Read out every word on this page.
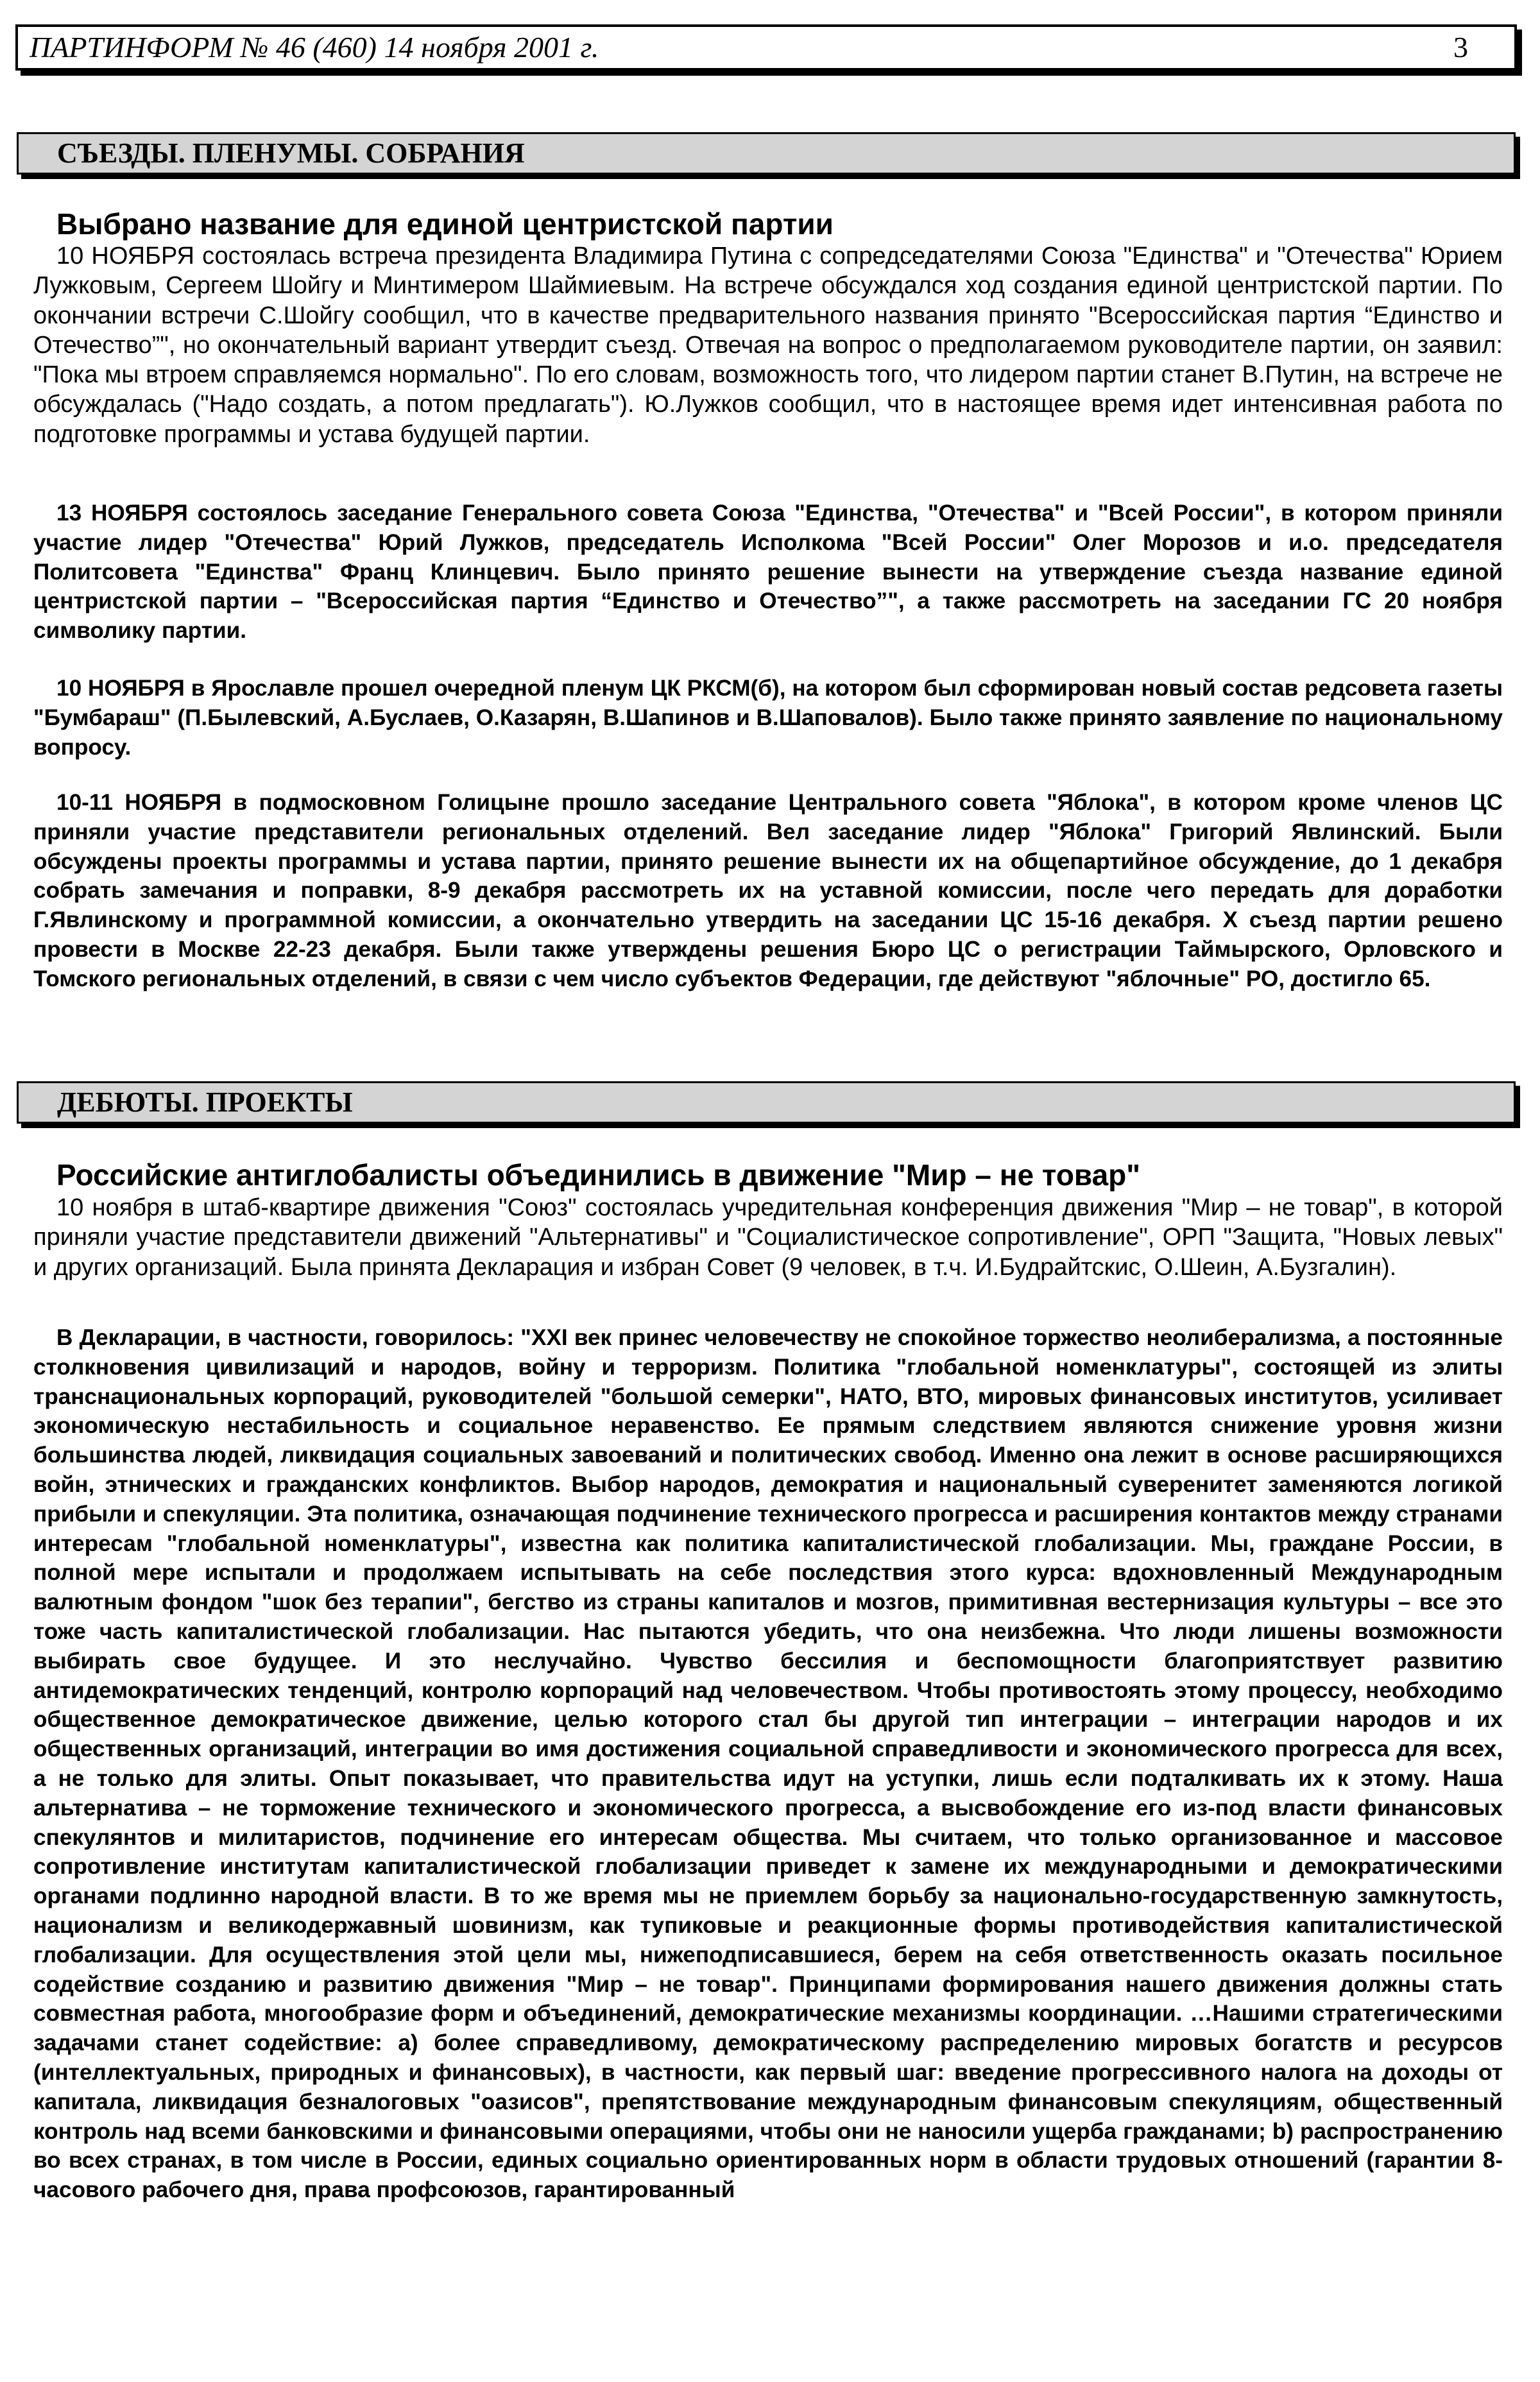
ПАРТИНФОРМ № 46 (460) 14 ноября 2001 г.	3
СЪЕЗДЫ. ПЛЕНУМЫ. СОБРАНИЯ
Выбрано название для единой центристской партии
10 НОЯБРЯ состоялась встреча президента Владимира Путина с сопредседателями Союза "Единства" и "Отечества" Юрием Лужковым, Сергеем Шойгу и Минтимером Шаймиевым. На встрече обсуждался ход создания единой центристской партии. По окончании встречи С.Шойгу сообщил, что в качестве предварительного названия принято "Всероссийская партия “Единство и Отечество”", но окончательный вариант утвердит съезд. Отвечая на вопрос о предполагаемом руководителе партии, он заявил: "Пока мы втроем справляемся нормально". По его словам, возможность того, что лидером партии станет В.Путин, на встрече не обсуждалась ("Надо создать, а потом предлагать"). Ю.Лужков сообщил, что в настоящее время идет интенсивная работа по подготовке программы и устава будущей партии.
13 НОЯБРЯ состоялось заседание Генерального совета Союза "Единства, "Отечества" и "Всей России", в котором приняли участие лидер "Отечества" Юрий Лужков, председатель Исполкома "Всей России" Олег Морозов и и.о. председателя Политсовета "Единства" Франц Клинцевич. Было принято решение вынести на утверждение съезда название единой центристской партии – "Всероссийская партия “Единство и Отечество”", а также рассмотреть на заседании ГС 20 ноября символику партии.
10 НОЯБРЯ в Ярославле прошел очередной пленум ЦК РКСМ(б), на котором был сформирован новый состав редсовета газеты "Бумбараш" (П.Былевский, А.Буслаев, О.Казарян, В.Шапинов и В.Шаповалов). Было также принято заявление по национальному вопросу.
10-11 НОЯБРЯ в подмосковном Голицыне прошло заседание Центрального совета "Яблока", в котором кроме членов ЦС приняли участие представители региональных отделений. Вел заседание лидер "Яблока" Григорий Явлинский. Были обсуждены проекты программы и устава партии, принято решение вынести их на общепартийное обсуждение, до 1 декабря собрать замечания и поправки, 8-9 декабря рассмотреть их на уставной комиссии, после чего передать для доработки Г.Явлинскому и программной комиссии, а окончательно утвердить на заседании ЦС 15-16 декабря. X съезд партии решено провести в Москве 22-23 декабря. Были также утверждены решения Бюро ЦС о регистрации Таймырского, Орловского и Томского региональных отделений, в связи с чем число субъектов Федерации, где действуют "яблочные" РО, достигло 65.
ДЕБЮТЫ. ПРОЕКТЫ
Российские антиглобалисты объединились в движение "Мир – не товар"
10 ноября в штаб-квартире движения "Союз" состоялась учредительная конференция движения "Мир – не товар", в которой приняли участие представители движений "Альтернативы" и "Социалистическое сопротивление", ОРП "Защита, "Новых левых" и других организаций. Была принята Декларация и избран Совет (9 человек, в т.ч. И.Будрайтскис, О.Шеин, А.Бузгалин).
В Декларации, в частности, говорилось: "XXI век принес человечеству не спокойное торжество неолиберализма, а постоянные столкновения цивилизаций и народов, войну и терроризм. Политика "глобальной номенклатуры", состоящей из элиты транснациональных корпораций, руководителей "большой семерки", НАТО, ВТО, мировых финансовых институтов, усиливает экономическую нестабильность и социальное неравенство. Ее прямым следствием являются снижение уровня жизни большинства людей, ликвидация социальных завоеваний и политических свобод. Именно она лежит в основе расширяющихся войн, этнических и гражданских конфликтов. Выбор народов, демократия и национальный суверенитет заменяются логикой прибыли и спекуляции. Эта политика, означающая подчинение технического прогресса и расширения контактов между странами интересам "глобальной номенклатуры", известна как политика капиталистической глобализации. Мы, граждане России, в полной мере испытали и продолжаем испытывать на себе последствия этого курса: вдохновленный Международным валютным фондом "шок без терапии", бегство из страны капиталов и мозгов, примитивная вестернизация культуры – все это тоже часть капиталистической глобализации. Нас пытаются убедить, что она неизбежна. Что люди лишены возможности выбирать свое будущее. И это неслучайно. Чувство бессилия и беспомощности благоприятствует развитию антидемократических тенденций, контролю корпораций над человечеством. Чтобы противостоять этому процессу, необходимо общественное демократическое движение, целью которого стал бы другой тип интеграции – интеграции народов и их общественных организаций, интеграции во имя достижения социальной справедливости и экономического прогресса для всех, а не только для элиты. Опыт показывает, что правительства идут на уступки, лишь если подталкивать их к этому. Наша альтернатива – не торможение технического и экономического прогресса, а высвобождение его из-под власти финансовых спекулянтов и милитаристов, подчинение его интересам общества. Мы считаем, что только организованное и массовое сопротивление институтам капиталистической глобализации приведет к замене их международными и демократическими органами подлинно народной власти. В то же время мы не приемлем борьбу за национально-государственную замкнутость, национализм и великодержавный шовинизм, как тупиковые и реакционные формы противодействия капиталистической глобализации. Для осуществления этой цели мы, нижеподписавшиеся, берем на себя ответственность оказать посильное содействие созданию и развитию движения "Мир – не товар". Принципами формирования нашего движения должны стать совместная работа, многообразие форм и объединений, демократические механизмы координации. …Нашими стратегическими задачами станет содействие: а) более справедливому, демократическому распределению мировых богатств и ресурсов (интеллектуальных, природных и финансовых), в частности, как первый шаг: введение прогрессивного налога на доходы от капитала, ликвидация безналоговых "оазисов", препятствование международным финансовым спекуляциям, общественный контроль над всеми банковскими и финансовыми операциями, чтобы они не наносили ущерба гражданами; b) распространению во всех странах, в том числе в России, единых социально ориентированных норм в области трудовых отношений (гарантии 8-часового рабочего дня, права профсоюзов, гарантированный
